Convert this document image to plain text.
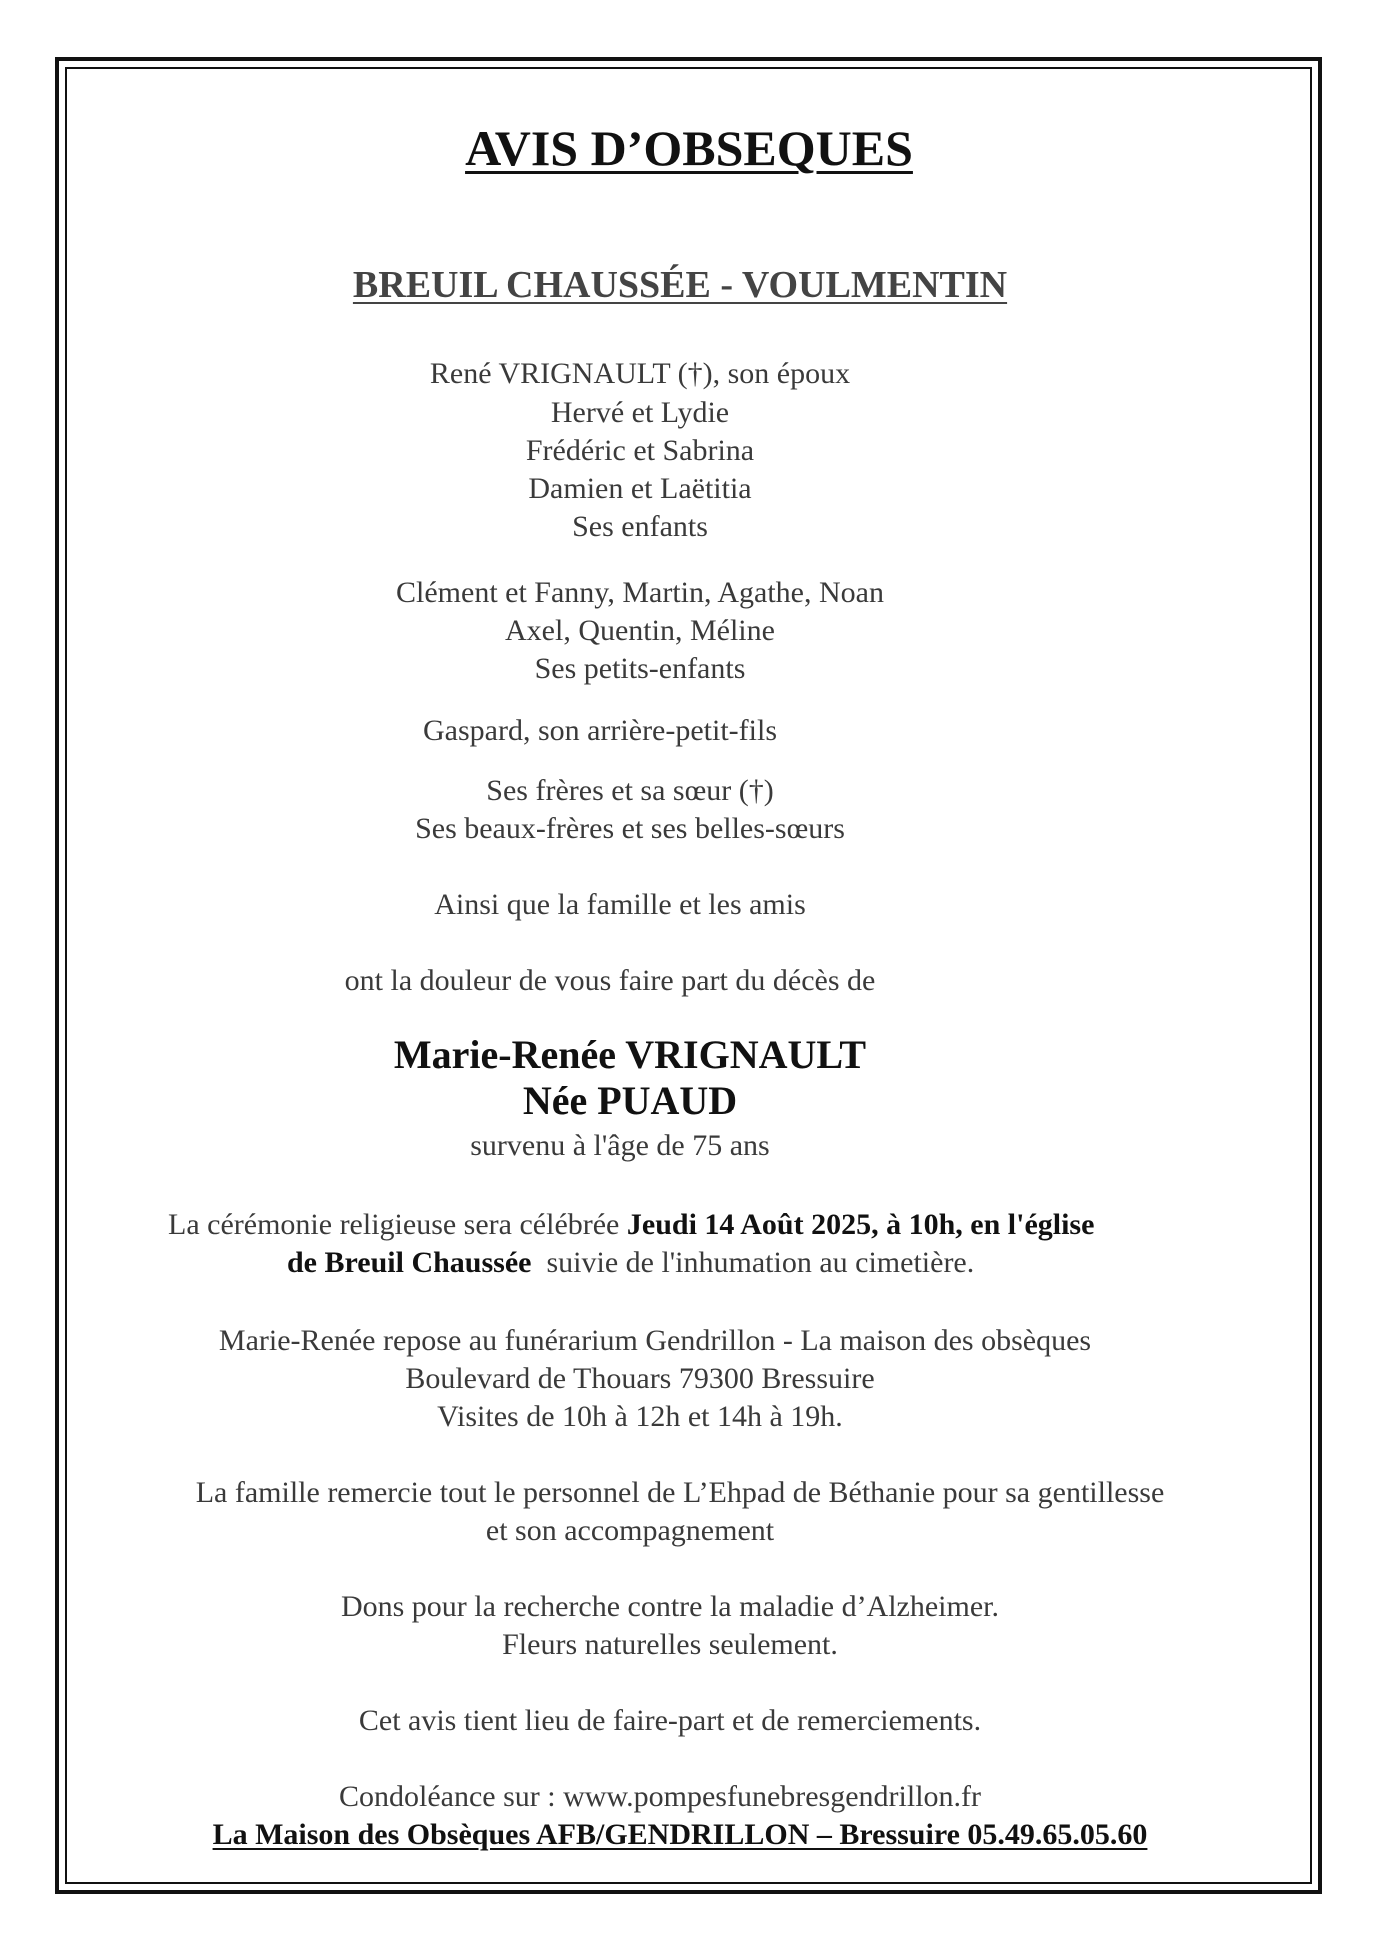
AVIS D’OBSEQUES
BREUIL CHAUSSÉE - VOULMENTIN

René VRIGNAULT (†), son époux

Hervé et Lydie

Frédéric et Sabrina

Damien et Laëtitia

Ses enfants

Clément et Fanny, Martin, Agathe, Noan

Axel, Quentin, Méline

Ses petits-enfants

Gaspard, son arrière-petit-fils

Ses frères et sa sœur (†)

Ses beaux-frères et ses belles-sœurs

Ainsi que la famille et les amis

ont la douleur de vous faire part du décès de

Marie-Renée VRIGNAULT

Née PUAUD

survenu à l'âge de 75 ans

La cérémonie religieuse sera célébrée Jeudi 14 Août 2025, à 10h, en l'église

de Breuil Chaussée  suivie de l'inhumation au cimetière.

Marie-Renée repose au funérarium Gendrillon - La maison des obsèques

Boulevard de Thouars 79300 Bressuire

Visites de 10h à 12h et 14h à 19h.

La famille remercie tout le personnel de L’Ehpad de Béthanie pour sa gentillesse

et son accompagnement

Dons pour la recherche contre la maladie d’Alzheimer.

Fleurs naturelles seulement.

Cet avis tient lieu de faire-part et de remerciements.

Condoléance sur : www.pompesfunebresgendrillon.fr

La Maison des Obsèques AFB/GENDRILLON – Bressuire 05.49.65.05.60
